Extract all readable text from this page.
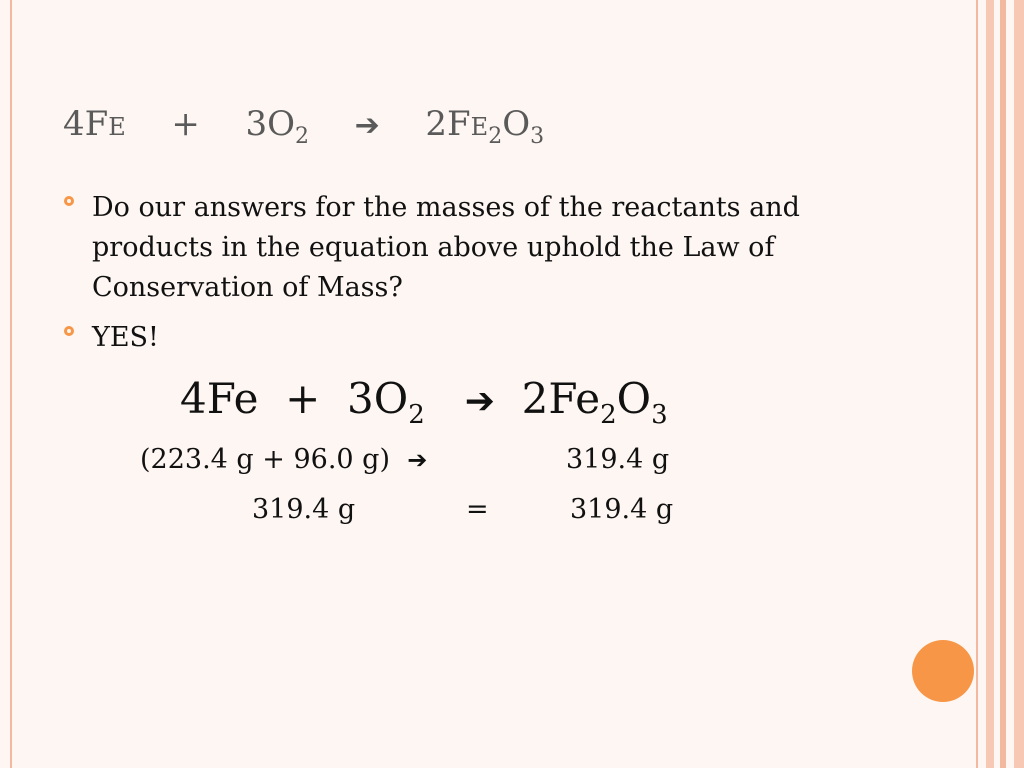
$4FE + 3O_2$ ➔ $2FE_2O_3$
Do our answers for the masses of the reactants and products in the equation above uphold the Law of Conservation of Mass?
YES!
$4Fe + 3O_2$ ➔ $2Fe_2O_3$
(223.4 g + 96.0 g) ➔	319.4 g
319.4 g	=	319.4 g
